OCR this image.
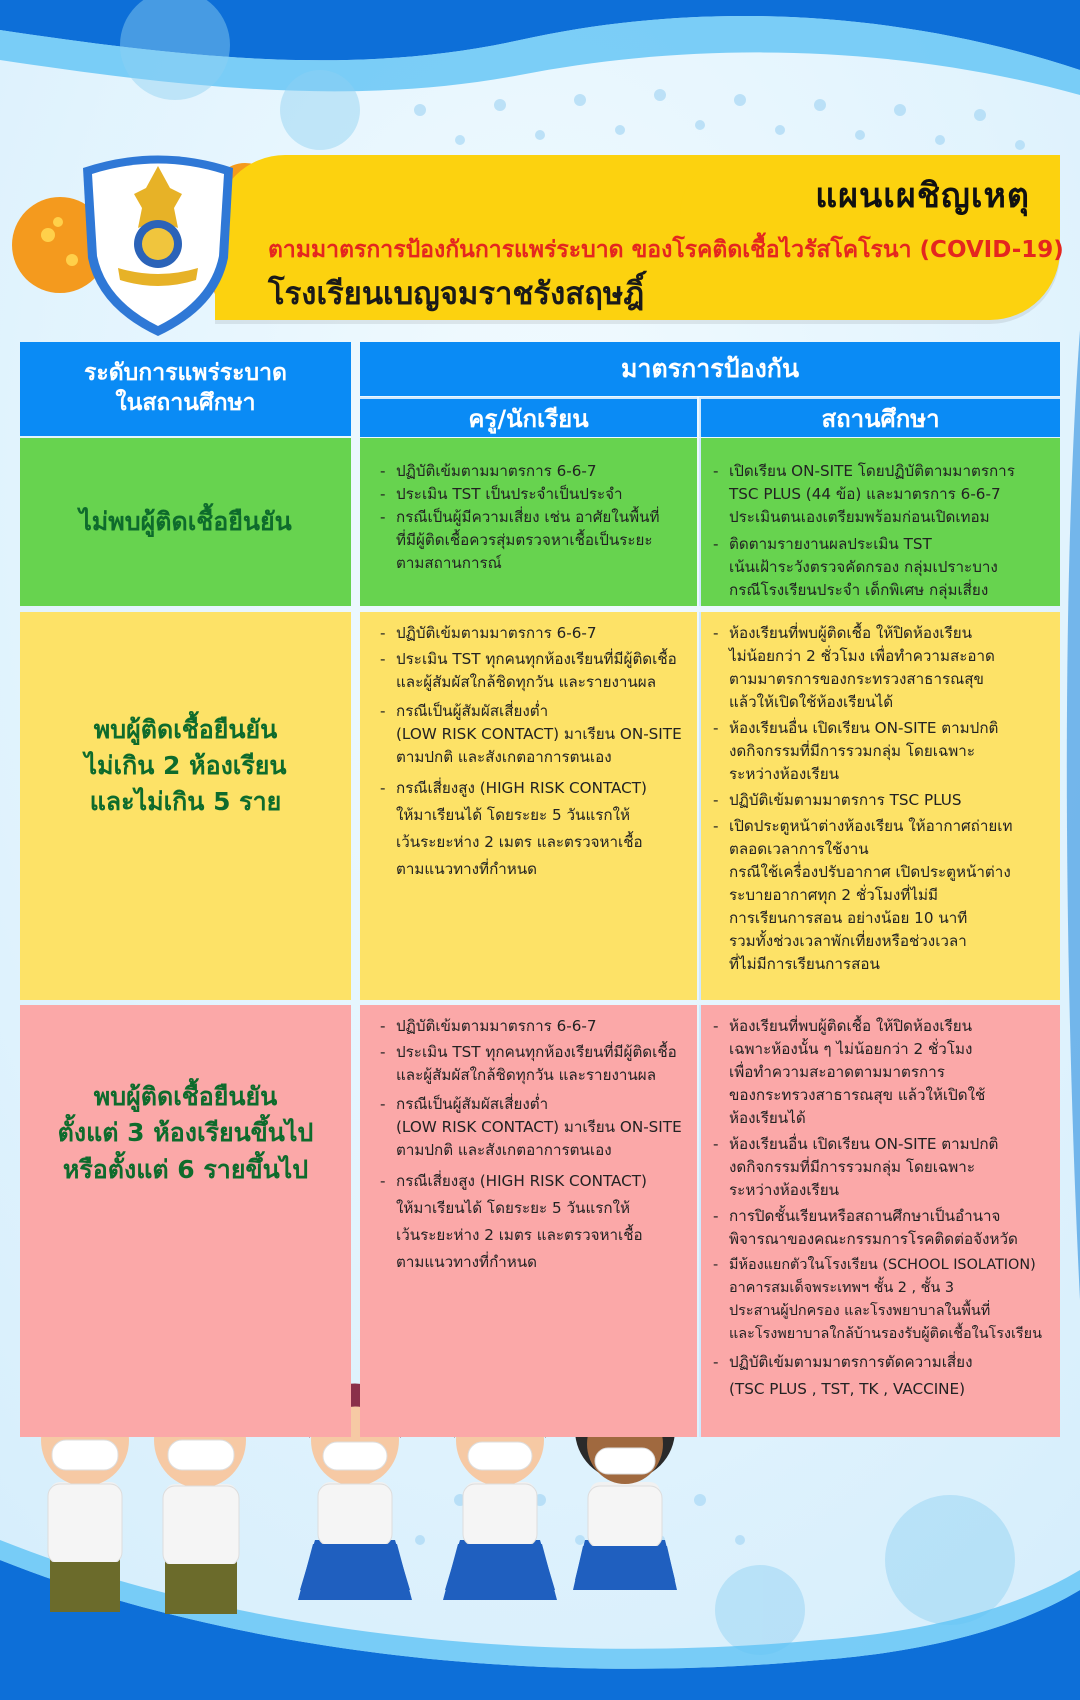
แผนเผชิญเหตุ
ตามมาตรการป้องกันการแพร่ระบาด ของโรคติดเชื้อไวรัสโคโรนา (COVID-19)
โรงเรียนเบญจมราชรังสฤษฎิ์
ระดับการแพร่ระบาด
ในสถานศึกษา
มาตรการป้องกัน
ครู/นักเรียน	สถานศึกษา
ไม่พบผู้ติดเชื้อยืนยัน
- ปฏิบัติเข้มตามมาตรการ 6-6-7
- ประเมิน TST เป็นประจำเป็นประจำ
- กรณีเป็นผู้มีความเสี่ยง เช่น อาศัยในพื้นที่
ที่มีผู้ติดเชื้อควรสุ่มตรวจหาเชื้อเป็นระยะ
ตามสถานการณ์
- เปิดเรียน ON-SITE โดยปฏิบัติตามมาตรการ
TSC PLUS (44 ข้อ) และมาตรการ 6-6-7
ประเมินตนเองเตรียมพร้อมก่อนเปิดเทอม
- ติดตามรายงานผลประเมิน TST
เน้นเฝ้าระวังตรวจคัดกรอง กลุ่มเปราะบาง
กรณีโรงเรียนประจำ เด็กพิเศษ กลุ่มเสี่ยง
พบผู้ติดเชื้อยืนยัน
ไม่เกิน 2 ห้องเรียน
และไม่เกิน 5 ราย
- ปฏิบัติเข้มตามมาตรการ 6-6-7
- ประเมิน TST ทุกคนทุกห้องเรียนที่มีผู้ติดเชื้อ
และผู้สัมผัสใกล้ชิดทุกวัน และรายงานผล
- กรณีเป็นผู้สัมผัสเสี่ยงต่ำ
(LOW RISK CONTACT) มาเรียน ON-SITE
ตามปกติ และสังเกตอาการตนเอง
- กรณีเสี่ยงสูง (HIGH RISK CONTACT)
ให้มาเรียนได้ โดยระยะ 5 วันแรกให้
เว้นระยะห่าง 2 เมตร และตรวจหาเชื้อ
ตามแนวทางที่กำหนด
- ห้องเรียนที่พบผู้ติดเชื้อ ให้ปิดห้องเรียน
ไม่น้อยกว่า 2 ชั่วโมง เพื่อทำความสะอาด
ตามมาตรการของกระทรวงสาธารณสุข
แล้วให้เปิดใช้ห้องเรียนได้
- ห้องเรียนอื่น เปิดเรียน ON-SITE ตามปกติ
งดกิจกรรมที่มีการรวมกลุ่ม โดยเฉพาะ
ระหว่างห้องเรียน
- ปฏิบัติเข้มตามมาตรการ TSC PLUS
- เปิดประตูหน้าต่างห้องเรียน ให้อากาศถ่ายเท
ตลอดเวลาการใช้งาน
กรณีใช้เครื่องปรับอากาศ เปิดประตูหน้าต่าง
ระบายอากาศทุก 2 ชั่วโมงที่ไม่มี
การเรียนการสอน อย่างน้อย 10 นาที
รวมทั้งช่วงเวลาพักเที่ยงหรือช่วงเวลา
ที่ไม่มีการเรียนการสอน
พบผู้ติดเชื้อยืนยัน
ตั้งแต่ 3 ห้องเรียนขึ้นไป
หรือตั้งแต่ 6 รายขึ้นไป
- ปฏิบัติเข้มตามมาตรการ 6-6-7
- ประเมิน TST ทุกคนทุกห้องเรียนที่มีผู้ติดเชื้อ
และผู้สัมผัสใกล้ชิดทุกวัน และรายงานผล
- กรณีเป็นผู้สัมผัสเสี่ยงต่ำ
(LOW RISK CONTACT) มาเรียน ON-SITE
ตามปกติ และสังเกตอาการตนเอง
- กรณีเสี่ยงสูง (HIGH RISK CONTACT)
ให้มาเรียนได้ โดยระยะ 5 วันแรกให้
เว้นระยะห่าง 2 เมตร และตรวจหาเชื้อ
ตามแนวทางที่กำหนด
- ห้องเรียนที่พบผู้ติดเชื้อ ให้ปิดห้องเรียน
เฉพาะห้องนั้น ๆ ไม่น้อยกว่า 2 ชั่วโมง
เพื่อทำความสะอาดตามมาตรการ
ของกระทรวงสาธารณสุข แล้วให้เปิดใช้
ห้องเรียนได้
- ห้องเรียนอื่น เปิดเรียน ON-SITE ตามปกติ
งดกิจกรรมที่มีการรวมกลุ่ม โดยเฉพาะ
ระหว่างห้องเรียน
- การปิดชั้นเรียนหรือสถานศึกษาเป็นอำนาจ
พิจารณาของคณะกรรมการโรคติดต่อจังหวัด
- มีห้องแยกตัวในโรงเรียน (SCHOOL ISOLATION)
อาคารสมเด็จพระเทพฯ ชั้น 2 , ชั้น 3
ประสานผู้ปกครอง และโรงพยาบาลในพื้นที่
และโรงพยาบาลใกล้บ้านรองรับผู้ติดเชื้อในโรงเรียน
- ปฏิบัติเข้มตามมาตรการตัดความเสี่ยง
(TSC PLUS , TST, TK , VACCINE)
